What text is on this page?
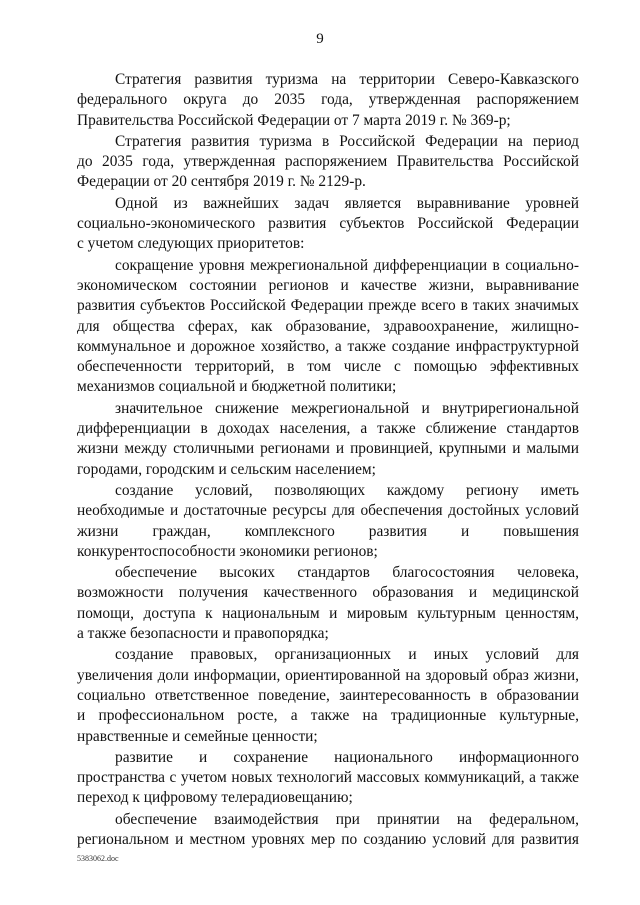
9
Стратегия развития туризма на территории Северо-Кавказского
федерального округа до 2035 года, утвержденная распоряжением
Правительства Российской Федерации от 7 марта 2019 г. № 369-р;
Стратегия развития туризма в Российской Федерации на период
до 2035 года, утвержденная распоряжением Правительства Российской
Федерации от 20 сентября 2019 г. № 2129-р.
Одной из важнейших задач является выравнивание уровней
социально-экономического развития субъектов Российской Федерации
с учетом следующих приоритетов:
сокращение уровня межрегиональной дифференциации в социально-
экономическом состоянии регионов и качестве жизни, выравнивание
развития субъектов Российской Федерации прежде всего в таких значимых
для общества сферах, как образование, здравоохранение, жилищно-
коммунальное и дорожное хозяйство, а также создание инфраструктурной
обеспеченности территорий, в том числе с помощью эффективных
механизмов социальной и бюджетной политики;
значительное снижение межрегиональной и внутрирегиональной
дифференциации в доходах населения, а также сближение стандартов
жизни между столичными регионами и провинцией, крупными и малыми
городами, городским и сельским населением;
создание условий, позволяющих каждому региону иметь
необходимые и достаточные ресурсы для обеспечения достойных условий
жизни граждан, комплексного развития и повышения
конкурентоспособности экономики регионов;
обеспечение высоких стандартов благосостояния человека,
возможности получения качественного образования и медицинской
помощи, доступа к национальным и мировым культурным ценностям,
а также безопасности и правопорядка;
создание правовых, организационных и иных условий для
увеличения доли информации, ориентированной на здоровый образ жизни,
социально ответственное поведение, заинтересованность в образовании
и профессиональном росте, а также на традиционные культурные,
нравственные и семейные ценности;
развитие и сохранение национального информационного
пространства с учетом новых технологий массовых коммуникаций, а также
переход к цифровому телерадиовещанию;
обеспечение взаимодействия при принятии на федеральном,
региональном и местном уровнях мер по созданию условий для развития
5383062.doc
